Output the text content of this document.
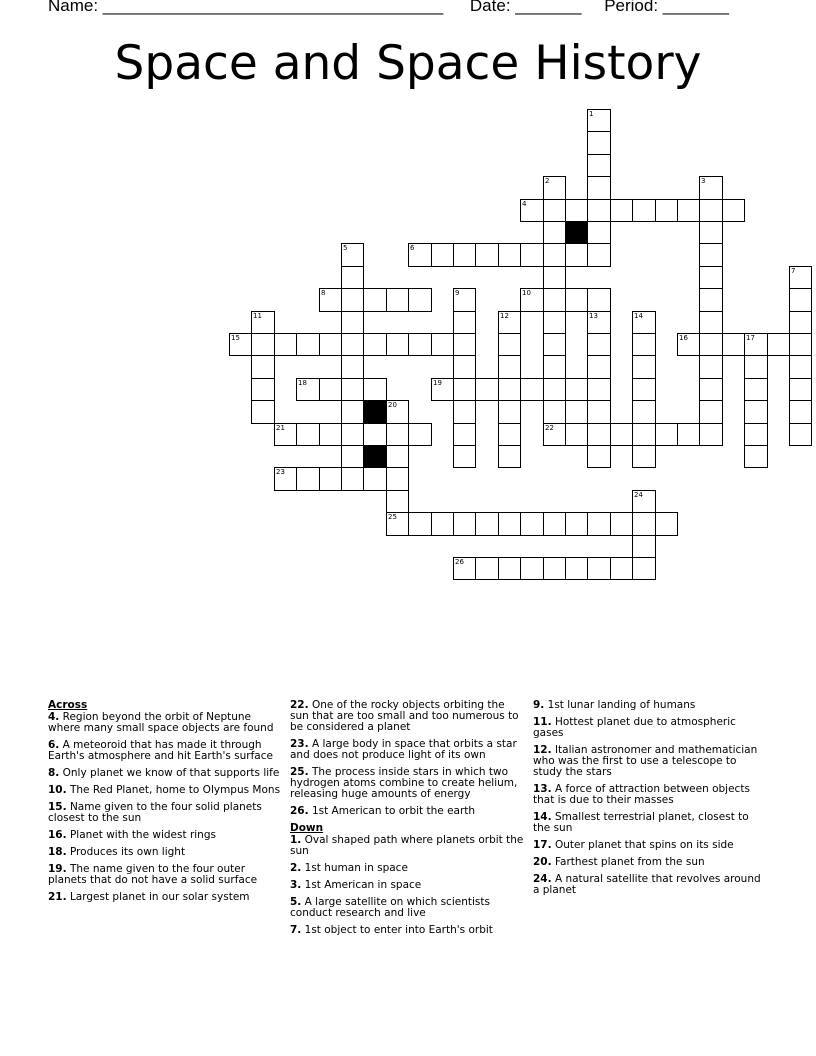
Name: ____________________________________ Date: _______ Period: _______
Space and Space History
4
6
8	10
15	16
18	19
21	22
23
25
26
1
2	3
5
7
9
11	12	13	14
17
20
24
Across
4. Region beyond the orbit of Neptune where many small space objects are found
6. A meteoroid that has made it through Earth's atmosphere and hit Earth's surface
8. Only planet we know of that supports life
10. The Red Planet, home to Olympus Mons
15. Name given to the four solid planets closest to the sun
16. Planet with the widest rings
18. Produces its own light
19. The name given to the four outer planets that do not have a solid surface
21. Largest planet in our solar system
22. One of the rocky objects orbiting the sun that are too small and too numerous to be considered a planet
23. A large body in space that orbits a star and does not produce light of its own
25. The process inside stars in which two hydrogen atoms combine to create helium, releasing huge amounts of energy
26. 1st American to orbit the earth
Down
1. Oval shaped path where planets orbit the sun
2. 1st human in space
3. 1st American in space
5. A large satellite on which scientists conduct research and live
7. 1st object to enter into Earth's orbit
9. 1st lunar landing of humans
11. Hottest planet due to atmospheric gases
12. Italian astronomer and mathematician who was the first to use a telescope to study the stars
13. A force of attraction between objects that is due to their masses
14. Smallest terrestrial planet, closest to the sun
17. Outer planet that spins on its side
20. Farthest planet from the sun
24. A natural satellite that revolves around a planet
